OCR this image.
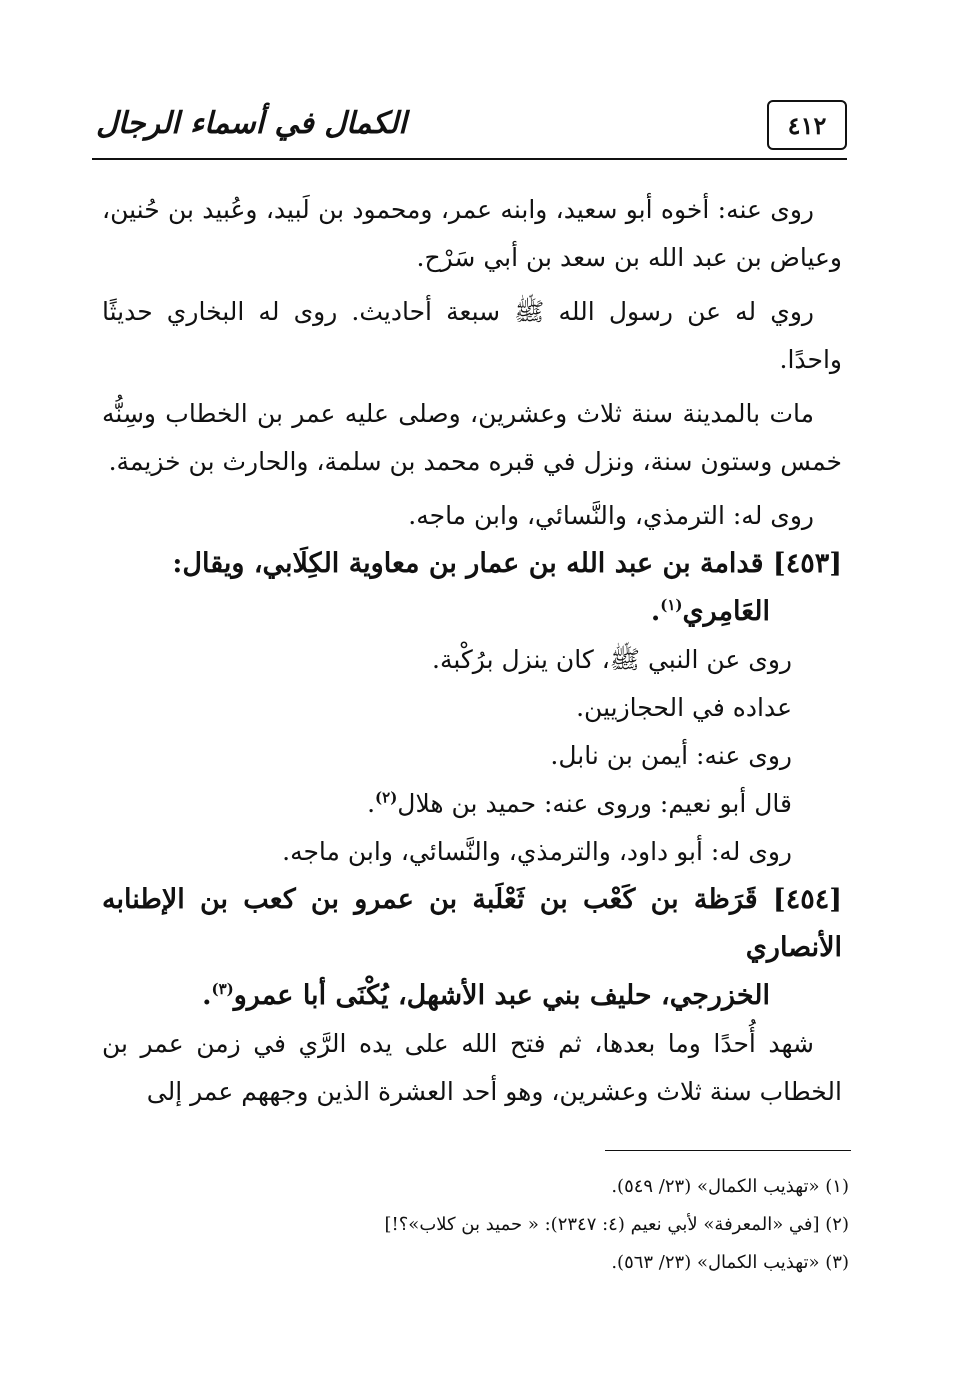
٤١٢
الكمال في أسماء الرجال

روى عنه: أخوه أبو سعيد، وابنه عمر، ومحمود بن لَبيد، وعُبيد بن حُنين، وعياض بن عبد الله بن سعد بن أبي سَرْح.

روي له عن رسول الله ﷺ سبعة أحاديث. روى له البخاري حديثًا واحدًا.

مات بالمدينة سنة ثلاث وعشرين، وصلى عليه عمر بن الخطاب وسِنُّه خمس وستون سنة، ونزل في قبره محمد بن سلمة، والحارث بن خزيمة.

روى له: الترمذي، والنَّسائي، وابن ماجه.

[٤٥٣] قدامة بن عبد الله بن عمار بن معاوية الكِلَابي، ويقال:
العَامِري$^{(١)}$.

روى عن النبي ﷺ، كان ينزل برُكْبة.

عداده في الحجازيين.

روى عنه: أيمن بن نابل.

قال أبو نعيم: وروى عنه: حميد بن هلال$^{(٢)}$.

روى له: أبو داود، والترمذي، والنَّسائي، وابن ماجه.

[٤٥٤] قَرَظة بن كَعْب بن ثَعْلَبة بن عمرو بن كعب بن الإطنابه الأنصاري
الخزرجي، حليف بني عبد الأشهل، يُكْنَى أبا عمرو$^{(٣)}$.

شهد أُحدًا وما بعدها، ثم فتح الله على يده الرَّي في زمن عمر بن الخطاب سنة ثلاث وعشرين، وهو أحد العشرة الذين وجههم عمر إلى

(١) «تهذيب الكمال» (٢٣/ ٥٤٩).

(٢) [في «المعرفة» لأبي نعيم (٤: ٢٣٤٧): « حميد بن كلاب»؟!]

(٣) «تهذيب الكمال» (٢٣/ ٥٦٣).
